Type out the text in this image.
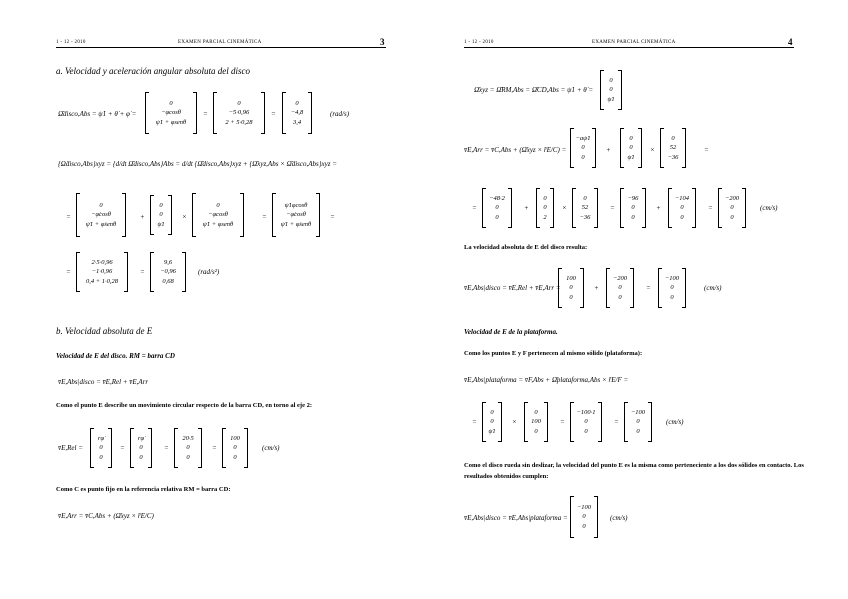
1 - 12 - 2010	EXAMEN PARCIAL CINEMÁTICA	3
a. Velocidad y aceleración angular absoluta del disco
Ω̄disco,Abs = ψ̇1 + θ̇ + φ̇ =
0
−φcosθ
ψ̇1 + φsenθ
=
0
−5·0,96
2 + 5·0,28
=
0
−4,8
3,4
(rad/s)
{Ω̇disco,Abs}xyz = {d/dt Ω̄disco,Abs}Abs = d/dt {Ω̄disco,Abs}xyz + {Ω̄xyz,Abs × Ω̄disco,Abs}xyz =
=
0
−φ̇cosθ
ψ̈1 + φ̇senθ
+
0
0
ψ̇1
×
0
−φcosθ
ψ̇1 + φsenθ
=
ψ̇1φcosθ
−φ̇cosθ
ψ̈1 + φ̇senθ
=
=
2·5·0,96
−1·0,96
0,4 + 1·0,28
=
9,6
−0,96
0,68
(rad/s²)
b. Velocidad absoluta de E
Velocidad de E del disco. RM = barra CD
v̄E,Abs|disco = v̄E,Rel + v̄E,Arr
Como el punto E describe un movimiento circular respecto de la barra CD, en torno al eje 2:
v̄E,Rel =
rφ̇
0
0
=
rφ̇
0
0
=
20·5
0
0
=
100
0
0
(cm/s)
Como C es punto fijo en la referencia relativa RM = barra CD:
v̄E,Arr = v̄C,Abs + (Ω̄xyz × r̄E/C)
1 - 12 - 2010	EXAMEN PARCIAL CINEMÁTICA	4
Ω̄xyz = Ω̄RM,Abs = Ω̄CD,Abs = ψ̇1 + θ̇ =
0
0
ψ̇1
v̄E,Arr = v̄C,Abs + (Ω̄xyz × r̄E/C) =
−aψ̇1
0
0
+
0
0
ψ̇1
×
0
52
−36
=
=
−48·2
0
0
+
0
0
2
×
0
52
−36
=
−96
0
0
+
−104
0
0
=
−200
0
0
(cm/s)
La velocidad absoluta de E del disco resulta:
v̄E,Abs|disco = v̄E,Rel + v̄E,Arr =
100
0
0
+
−200
0
0
=
−100
0
0
(cm/s)
Velocidad de E de la plataforma.
Como los puntos E y F pertenecen al mismo sólido (plataforma):
v̄E,Abs|plataforma = v̄F,Abs + Ω̄plataforma,Abs × r̄E/F =
=
0
0
ψ̇1
×
0
100
0
=
−100·1
0
0
=
−100
0
0
(cm/s)
Como el disco rueda sin deslizar, la velocidad del punto E es la misma como perteneciente a los dos sólidos en contacto. Los resultados obtenidos cumplen:
v̄E,Abs|disco = v̄E,Abs|plataforma =
−100
0
0
(cm/s)
